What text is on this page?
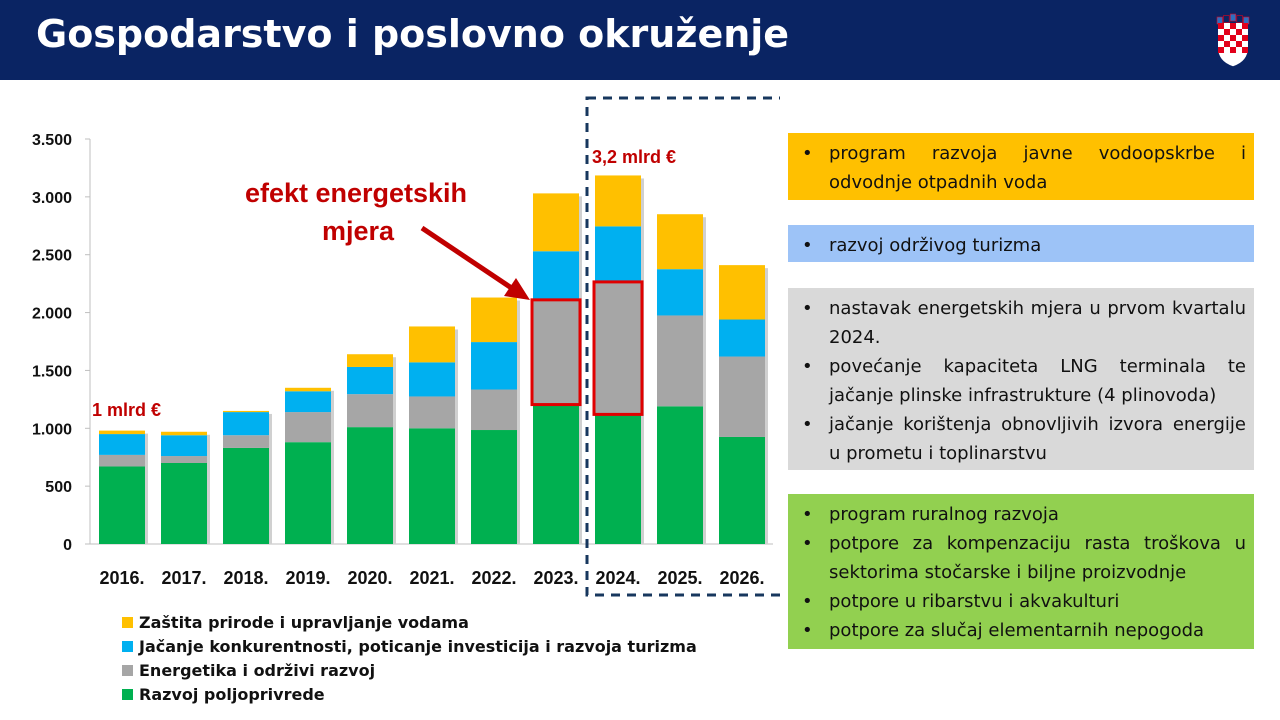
Gospodarstvo i poslovno okruženje
0
500
1.000
1.500
2.000
2.500
3.000
3.500
2016. 2017. 2018. 2019. 2020. 2021. 2022. 2023. 2024. 2025. 2026.
1 mlrd €
3,2 mlrd €
efekt energetskih
mjera
Zaštita prirode i upravljanje vodama
Jačanje konkurentnosti, poticanje investicija i razvoja turizma
Energetika i održivi razvoj
Razvoj poljoprivrede
• program razvoja javne vodoopskrbe i odvodnje otpadnih voda
• razvoj održivog turizma
• nastavak energetskih mjera u prvom kvartalu 2024.
• povećanje kapaciteta LNG terminala te jačanje plinske infrastrukture (4 plinovoda)
• jačanje korištenja obnovljivih izvora energije u prometu i toplinarstvu
• program ruralnog razvoja
• potpore za kompenzaciju rasta troškova u sektorima stočarske i biljne proizvodnje
• potpore u ribarstvu i akvakulturi
• potpore za slučaj elementarnih nepogoda
